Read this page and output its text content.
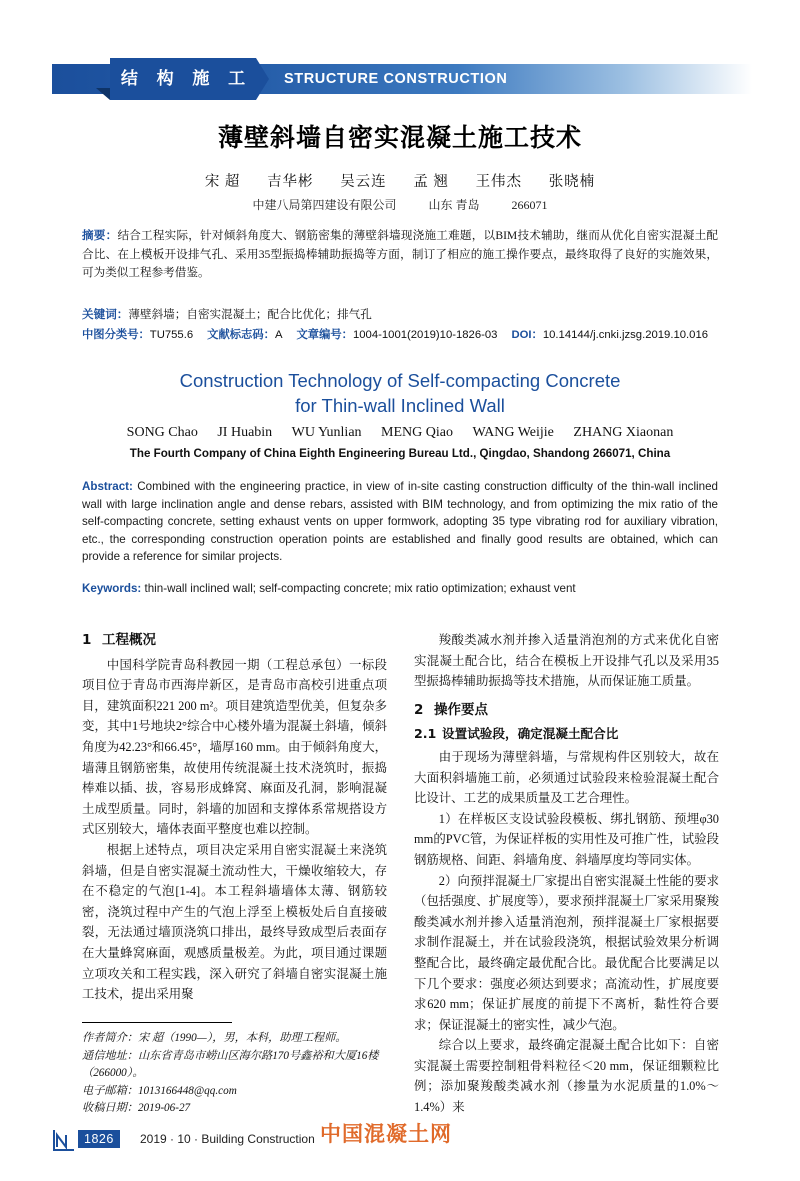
结 构 施 工 STRUCTURE CONSTRUCTION
薄壁斜墙自密实混凝土施工技术
宋 超 吉华彬 吴云连 孟 翘 王伟杰 张晓楠
中建八局第四建设有限公司	山东 青岛	266071
摘要：结合工程实际，针对倾斜角度大、钢筋密集的薄壁斜墙现浇施工难题，以BIM技术辅助，继而从优化自密实混凝土配合比、在上模板开设排气孔、采用35型振捣棒辅助振捣等方面，制订了相应的施工操作要点，最终取得了良好的实施效果，可为类似工程参考借鉴。
关键词：薄壁斜墙；自密实混凝土；配合比优化；排气孔
中图分类号：TU755.6 文献标志码：A 文章编号：1004-1001(2019)10-1826-03 DOI：10.14144/j.cnki.jzsg.2019.10.016
Construction Technology of Self-compacting Concrete
for Thin-wall Inclined Wall
SONG Chao JI Huabin WU Yunlian MENG Qiao WANG Weijie ZHANG Xiaonan
The Fourth Company of China Eighth Engineering Bureau Ltd., Qingdao, Shandong 266071, China
Abstract: Combined with the engineering practice, in view of in-site casting construction difficulty of the thin-wall inclined wall with large inclination angle and dense rebars, assisted with BIM technology, and from optimizing the mix ratio of the self-compacting concrete, setting exhaust vents on upper formwork, adopting 35 type vibrating rod for auxiliary vibration, etc., the corresponding construction operation points are established and finally good results are obtained, which can provide a reference for similar projects.
Keywords: thin-wall inclined wall; self-compacting concrete; mix ratio optimization; exhaust vent
1 工程概况

中国科学院青岛科教园一期（工程总承包）一标段项目位于青岛市西海岸新区，是青岛市高校引进重点项目，建筑面积221 200 m²。项目建筑造型优美，但复杂多变，其中1号地块2°综合中心楼外墙为混凝土斜墙，倾斜角度为42.23°和66.45°，墙厚160 mm。由于倾斜角度大，墙薄且钢筋密集，故使用传统混凝土技术浇筑时，振捣棒难以插、拔，容易形成蜂窝、麻面及孔洞，影响混凝土成型质量。同时，斜墙的加固和支撑体系常规搭设方式区别较大，墙体表面平整度也难以控制。

根据上述特点，项目决定采用自密实混凝土来浇筑斜墙，但是自密实混凝土流动性大，干燥收缩较大，存在不稳定的气泡[1-4]。本工程斜墙墙体太薄、钢筋较密，浇筑过程中产生的气泡上浮至上模板处后自直接破裂，无法通过墙顶浇筑口排出，最终导致成型后表面存在大量蜂窝麻面，观感质量极差。为此，项目通过课题立项攻关和工程实践，深入研究了斜墙自密实混凝土施工技术，提出采用聚

羧酸类减水剂并掺入适量消泡剂的方式来优化自密实混凝土配合比，结合在模板上开设排气孔以及采用35型振捣棒辅助振捣等技术措施，从而保证施工质量。

2 操作要点
2.1 设置试验段，确定混凝土配合比

由于现场为薄壁斜墙，与常规构件区别较大，故在大面积斜墙施工前，必须通过试验段来检验混凝土配合比设计、工艺的成果质量及工艺合理性。

1）在样板区支设试验段模板、绑扎钢筋、预埋φ30 mm的PVC管，为保证样板的实用性及可推广性，试验段钢筋规格、间距、斜墙角度、斜墙厚度均等同实体。

2）向预拌混凝土厂家提出自密实混凝土性能的要求（包括强度、扩展度等），要求预拌混凝土厂家采用聚羧酸类减水剂并掺入适量消泡剂，预拌混凝土厂家根据要求制作混凝土，并在试验段浇筑，根据试验效果分析调整配合比，最终确定最优配合比。最优配合比要满足以下几个要求：强度必须达到要求；高流动性，扩展度要求620 mm；保证扩展度的前提下不离析，黏性符合要求；保证混凝土的密实性，减少气泡。

综合以上要求，最终确定混凝土配合比如下：自密实混凝土需要控制粗骨料粒径＜20 mm，保证细颗粒比例；添加聚羧酸类减水剂（掺量为水泥质量的1.0%～1.4%）来

作者简介：宋 超（1990—），男，本科，助理工程师。
通信地址：山东省青岛市崂山区海尔路170号鑫裕和大厦16楼（266000）。
电子邮箱：1013166448@qq.com
收稿日期：2019-06-27
1826	2019 · 10 · Building Construction 中国混凝土网
